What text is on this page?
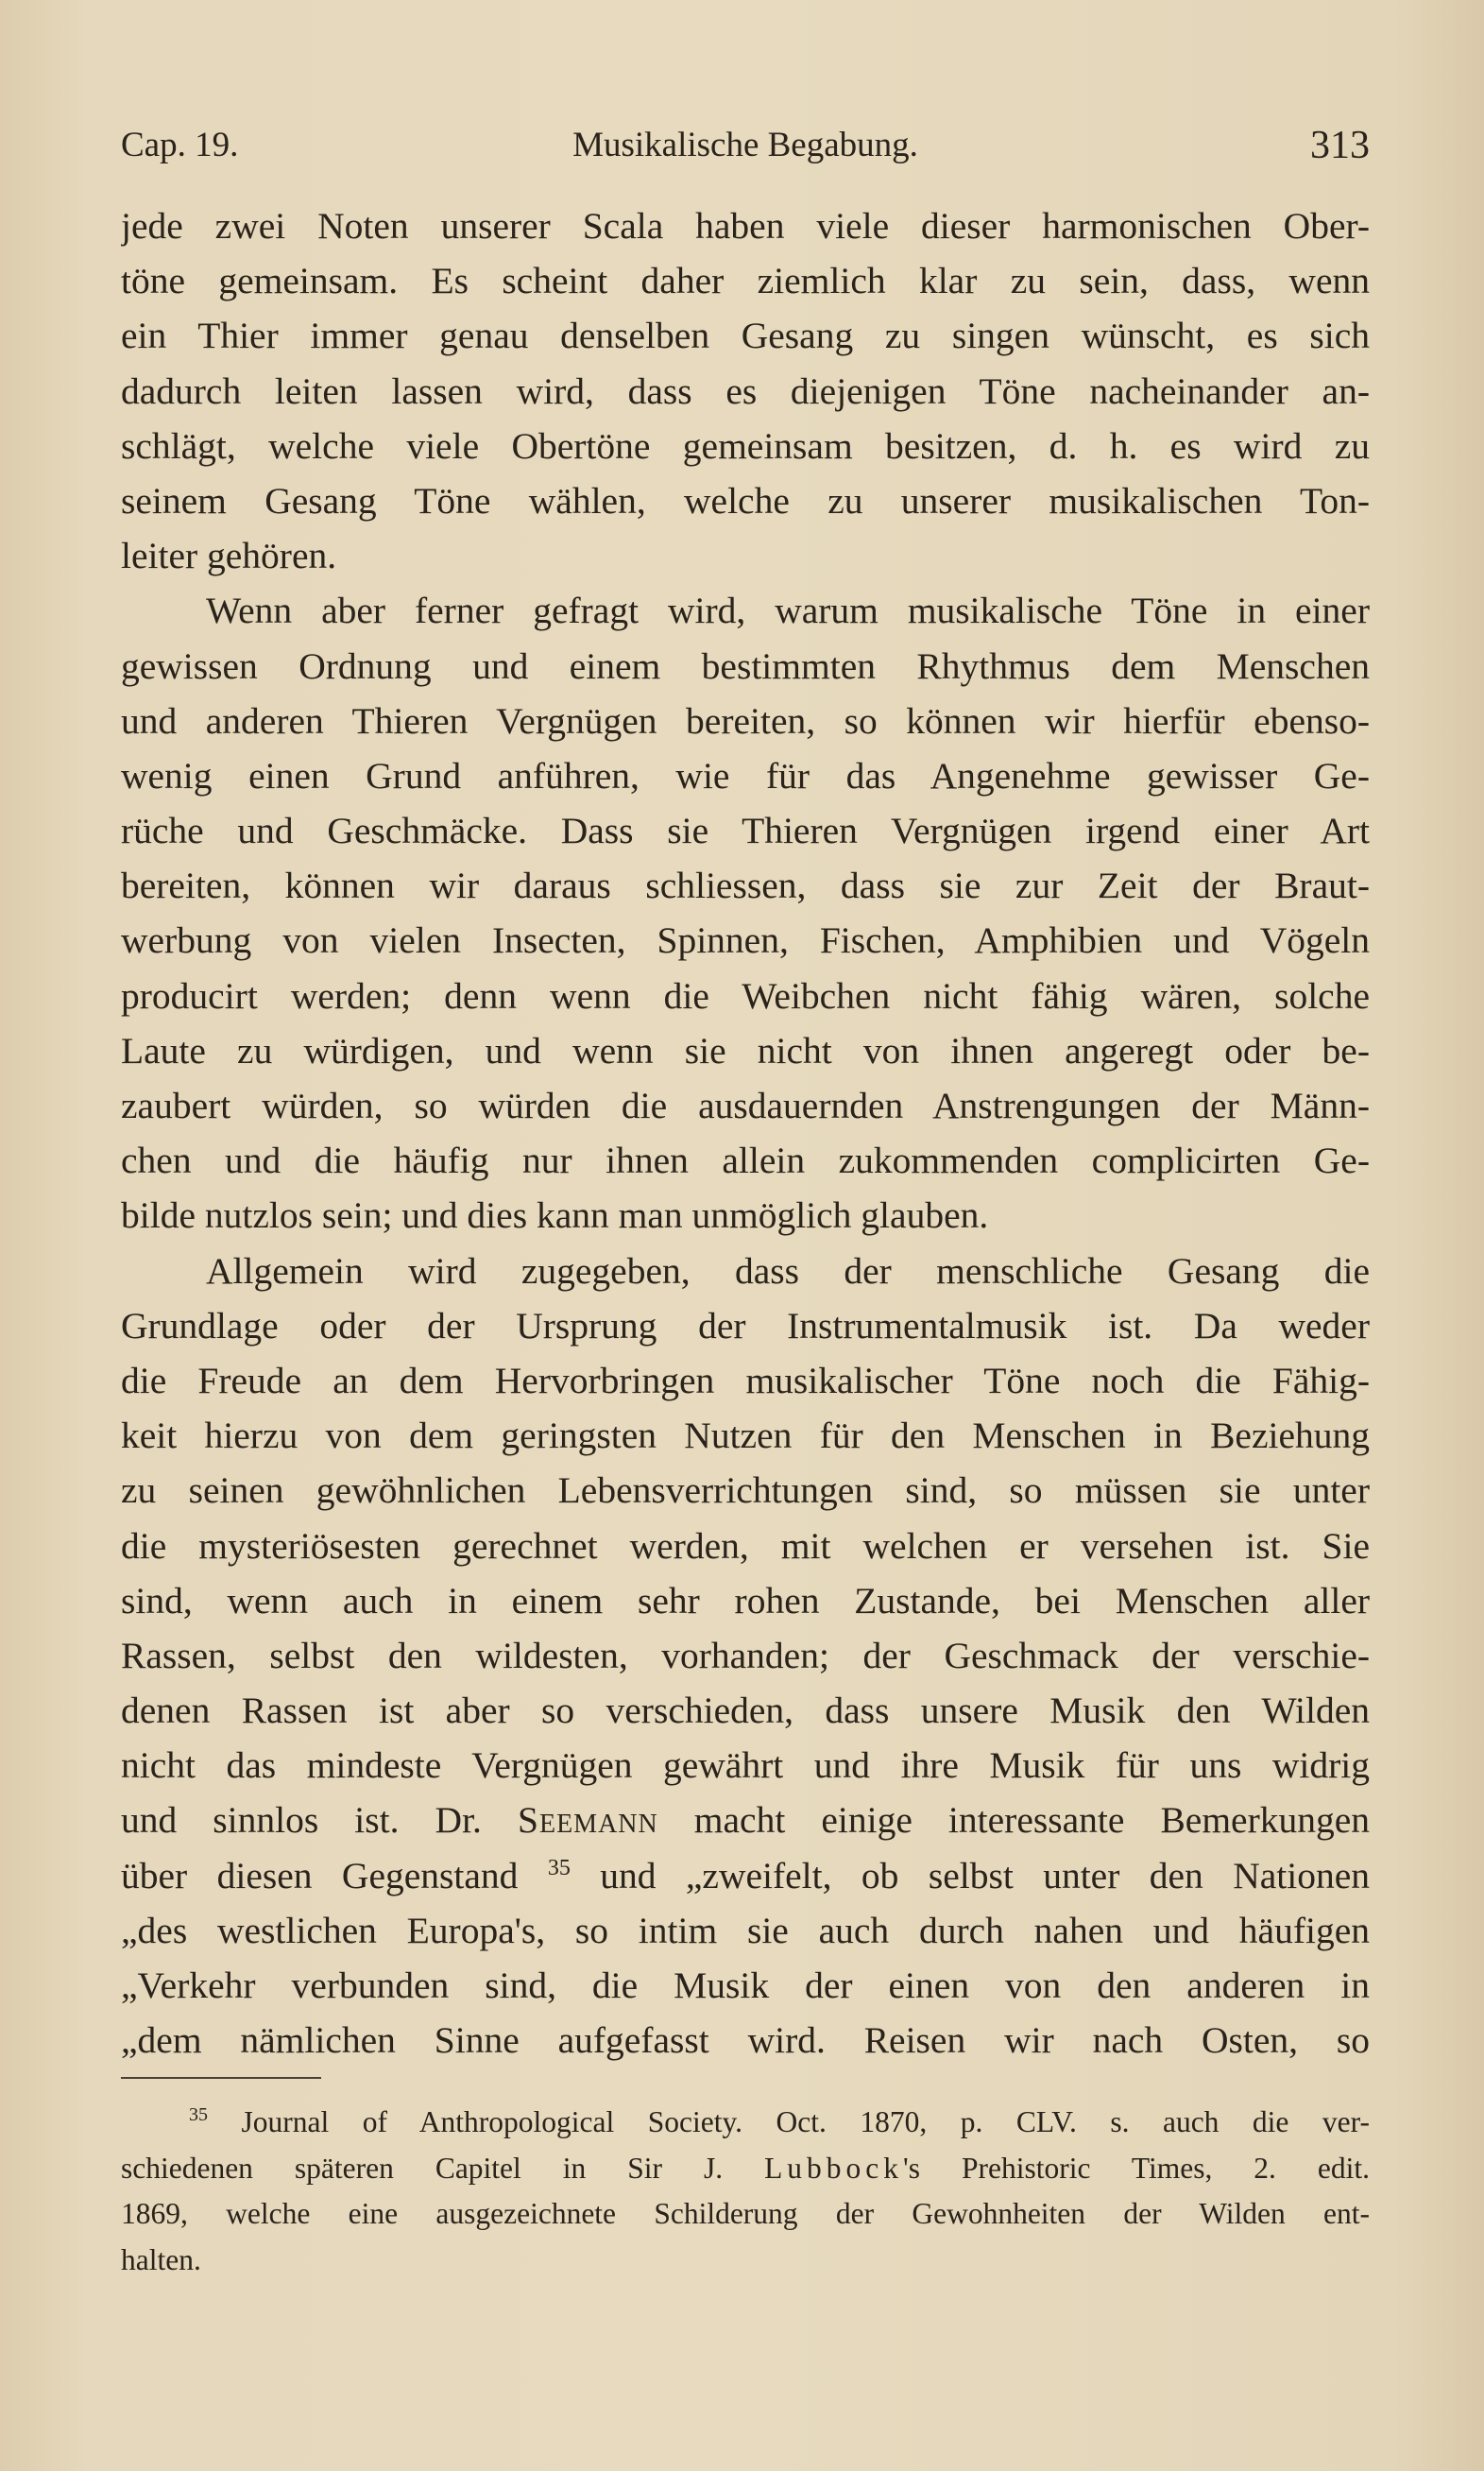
Cap. 19.	Musikalische Begabung.	313
jede zwei Noten unserer Scala haben viele dieser harmonischen Ober-
töne gemeinsam. Es scheint daher ziemlich klar zu sein, dass, wenn
ein Thier immer genau denselben Gesang zu singen wünscht, es sich
dadurch leiten lassen wird, dass es diejenigen Töne nacheinander an-
schlägt, welche viele Obertöne gemeinsam besitzen, d. h. es wird zu
seinem Gesang Töne wählen, welche zu unserer musikalischen Ton-
leiter gehören.
Wenn aber ferner gefragt wird, warum musikalische Töne in einer
gewissen Ordnung und einem bestimmten Rhythmus dem Menschen
und anderen Thieren Vergnügen bereiten, so können wir hierfür ebenso-
wenig einen Grund anführen, wie für das Angenehme gewisser Ge-
rüche und Geschmäcke. Dass sie Thieren Vergnügen irgend einer Art
bereiten, können wir daraus schliessen, dass sie zur Zeit der Braut-
werbung von vielen Insecten, Spinnen, Fischen, Amphibien und Vögeln
producirt werden; denn wenn die Weibchen nicht fähig wären, solche
Laute zu würdigen, und wenn sie nicht von ihnen angeregt oder be-
zaubert würden, so würden die ausdauernden Anstrengungen der Männ-
chen und die häufig nur ihnen allein zukommenden complicirten Ge-
bilde nutzlos sein; und dies kann man unmöglich glauben.
Allgemein wird zugegeben, dass der menschliche Gesang die
Grundlage oder der Ursprung der Instrumentalmusik ist. Da weder
die Freude an dem Hervorbringen musikalischer Töne noch die Fähig-
keit hierzu von dem geringsten Nutzen für den Menschen in Beziehung
zu seinen gewöhnlichen Lebensverrichtungen sind, so müssen sie unter
die mysteriösesten gerechnet werden, mit welchen er versehen ist. Sie
sind, wenn auch in einem sehr rohen Zustande, bei Menschen aller
Rassen, selbst den wildesten, vorhanden; der Geschmack der verschie-
denen Rassen ist aber so verschieden, dass unsere Musik den Wilden
nicht das mindeste Vergnügen gewährt und ihre Musik für uns widrig
und sinnlos ist. Dr. Seemann macht einige interessante Bemerkungen
über diesen Gegenstand $^{35}$ und „zweifelt, ob selbst unter den Nationen
„des westlichen Europa's, so intim sie auch durch nahen und häufigen
„Verkehr verbunden sind, die Musik der einen von den anderen in
„dem nämlichen Sinne aufgefasst wird. Reisen wir nach Osten, so
$^{35}$ Journal of Anthropological Society. Oct. 1870, p. CLV. s. auch die ver-
schiedenen späteren Capitel in Sir J. Lubbock's Prehistoric Times, 2. edit.
1869, welche eine ausgezeichnete Schilderung der Gewohnheiten der Wilden ent-
halten.
